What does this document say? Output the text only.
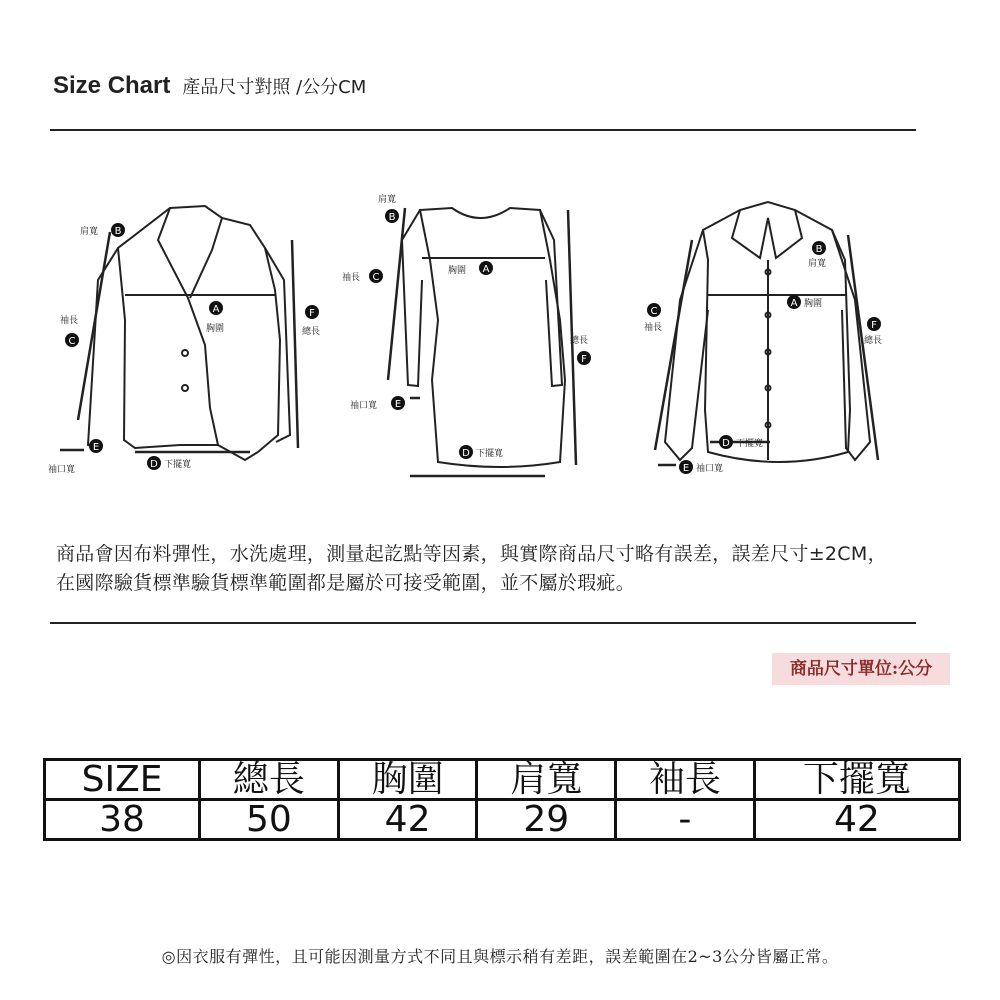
Size Chart 產品尺寸對照 /公分CM
B
肩寬
A
胸圍
C
袖長
F
總長
E
袖口寬	D 下擺寬
肩寬
B
胸圍 A
袖長 C
總長
F
袖口寬 E
D 下擺寬
B
肩寬
A 胸圍
C
袖長	F
總長
D 下擺寬
E 袖口寬
商品會因布料彈性，水洗處理，測量起訖點等因素，與實際商品尺寸略有誤差，誤差尺寸±2CM，
在國際驗貨標準驗貨標準範圍都是屬於可接受範圍，並不屬於瑕疵。
商品尺寸單位:公分
SIZE	總長	胸圍	肩寬	袖長	下擺寬
38	50	42	29	-	42
◎因衣服有彈性，且可能因測量方式不同且與標示稍有差距，誤差範圍在2~3公分皆屬正常。
